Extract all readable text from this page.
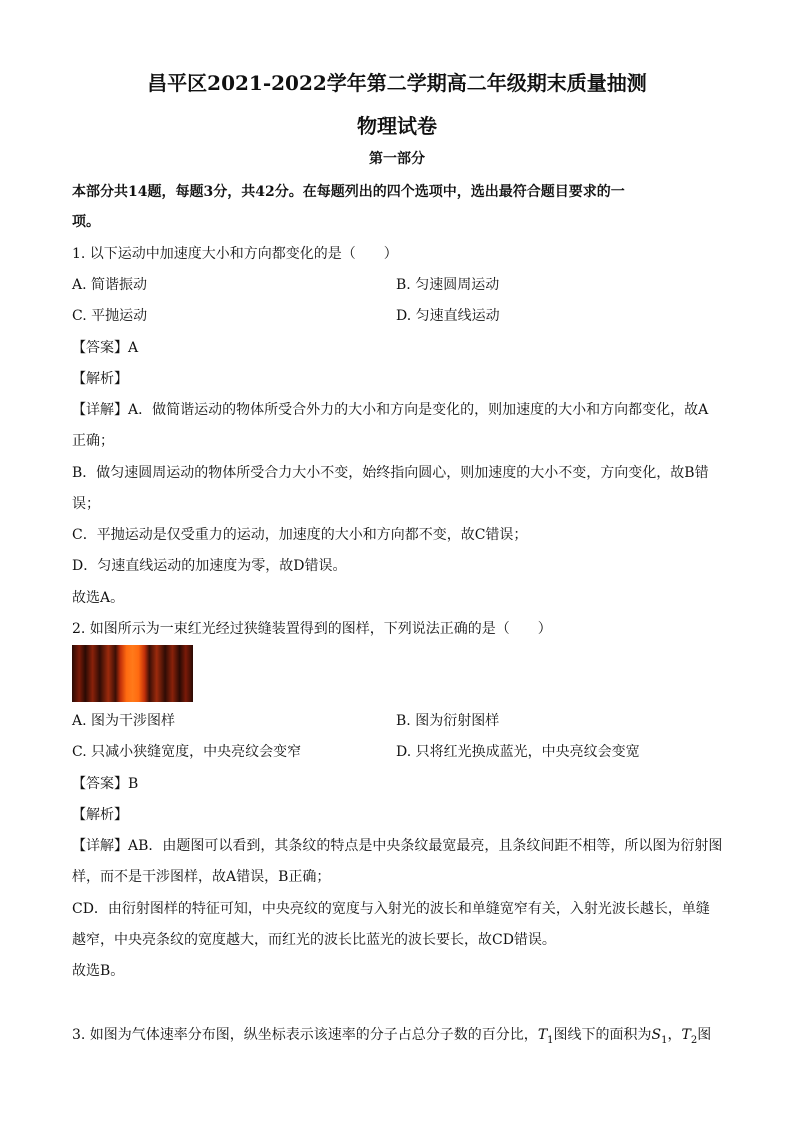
昌平区2021-2022学年第二学期高二年级期末质量抽测
物理试卷
第一部分
本部分共14题，每题3分，共42分。在每题列出的四个选项中，选出最符合题目要求的一
项。
1. 以下运动中加速度大小和方向都变化的是（　　）
A. 简谐振动	B. 匀速圆周运动
C. 平抛运动	D. 匀速直线运动
【答案】A
【解析】
【详解】A．做简谐运动的物体所受合外力的大小和方向是变化的，则加速度的大小和方向都变化，故A
正确；
B．做匀速圆周运动的物体所受合力大小不变，始终指向圆心，则加速度的大小不变，方向变化，故B错
误；
C．平抛运动是仅受重力的运动，加速度的大小和方向都不变，故C错误；
D．匀速直线运动的加速度为零，故D错误。
故选A。
2. 如图所示为一束红光经过狭缝装置得到的图样，下列说法正确的是（　　）
A. 图为干涉图样	B. 图为衍射图样
C. 只减小狭缝宽度，中央亮纹会变窄	D. 只将红光换成蓝光，中央亮纹会变宽
【答案】B
【解析】
【详解】AB．由题图可以看到，其条纹的特点是中央条纹最宽最亮，且条纹间距不相等，所以图为衍射图
样，而不是干涉图样，故A错误，B正确；
CD．由衍射图样的特征可知，中央亮纹的宽度与入射光的波长和单缝宽窄有关，入射光波长越长，单缝
越窄，中央亮条纹的宽度越大，而红光的波长比蓝光的波长要长，故CD错误。
故选B。
3. 如图为气体速率分布图，纵坐标表示该速率的分子占总分子数的百分比，$T_1$图线下的面积为$S_1$，$T_2$图
